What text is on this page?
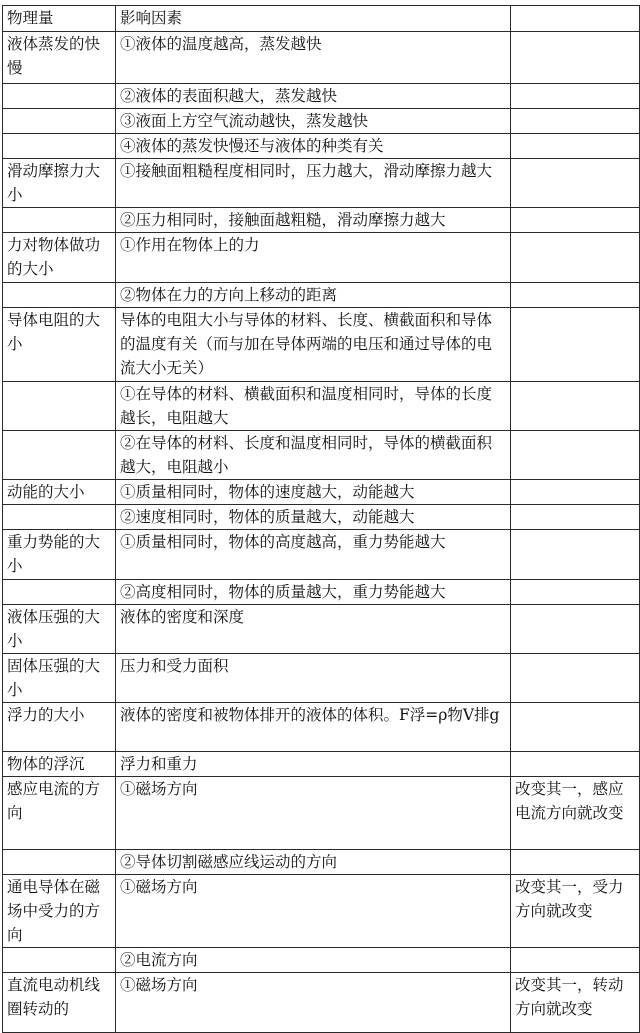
物理量	影响因素	
液体蒸发的快慢	①液体的温度越高，蒸发越快	
	②液体的表面积越大，蒸发越快	
	③液面上方空气流动越快，蒸发越快	
	④液体的蒸发快慢还与液体的种类有关	
滑动摩擦力大小	①接触面粗糙程度相同时，压力越大，滑动摩擦力越大	
	②压力相同时，接触面越粗糙，滑动摩擦力越大	
力对物体做功的大小	①作用在物体上的力	
	②物体在力的方向上移动的距离	
导体电阻的大小	导体的电阻大小与导体的材料、长度、横截面积和导体的温度有关（而与加在导体两端的电压和通过导体的电流大小无关）	
	①在导体的材料、横截面积和温度相同时，导体的长度越长，电阻越大	
	②在导体的材料、长度和温度相同时，导体的横截面积越大，电阻越小	
动能的大小	①质量相同时，物体的速度越大，动能越大	
	②速度相同时，物体的质量越大，动能越大	
重力势能的大小	①质量相同时，物体的高度越高，重力势能越大	
	②高度相同时，物体的质量越大，重力势能越大	
液体压强的大小	液体的密度和深度	
固体压强的大小	压力和受力面积	
浮力的大小	液体的密度和被物体排开的液体的体积。F浮=ρ物V排g	
物体的浮沉	浮力和重力	
感应电流的方向	①磁场方向	改变其一，感应电流方向就改变
	②导体切割磁感应线运动的方向	
通电导体在磁场中受力的方向	①磁场方向	改变其一，受力方向就改变
	②电流方向	
直流电动机线圈转动的	①磁场方向	改变其一，转动方向就改变
